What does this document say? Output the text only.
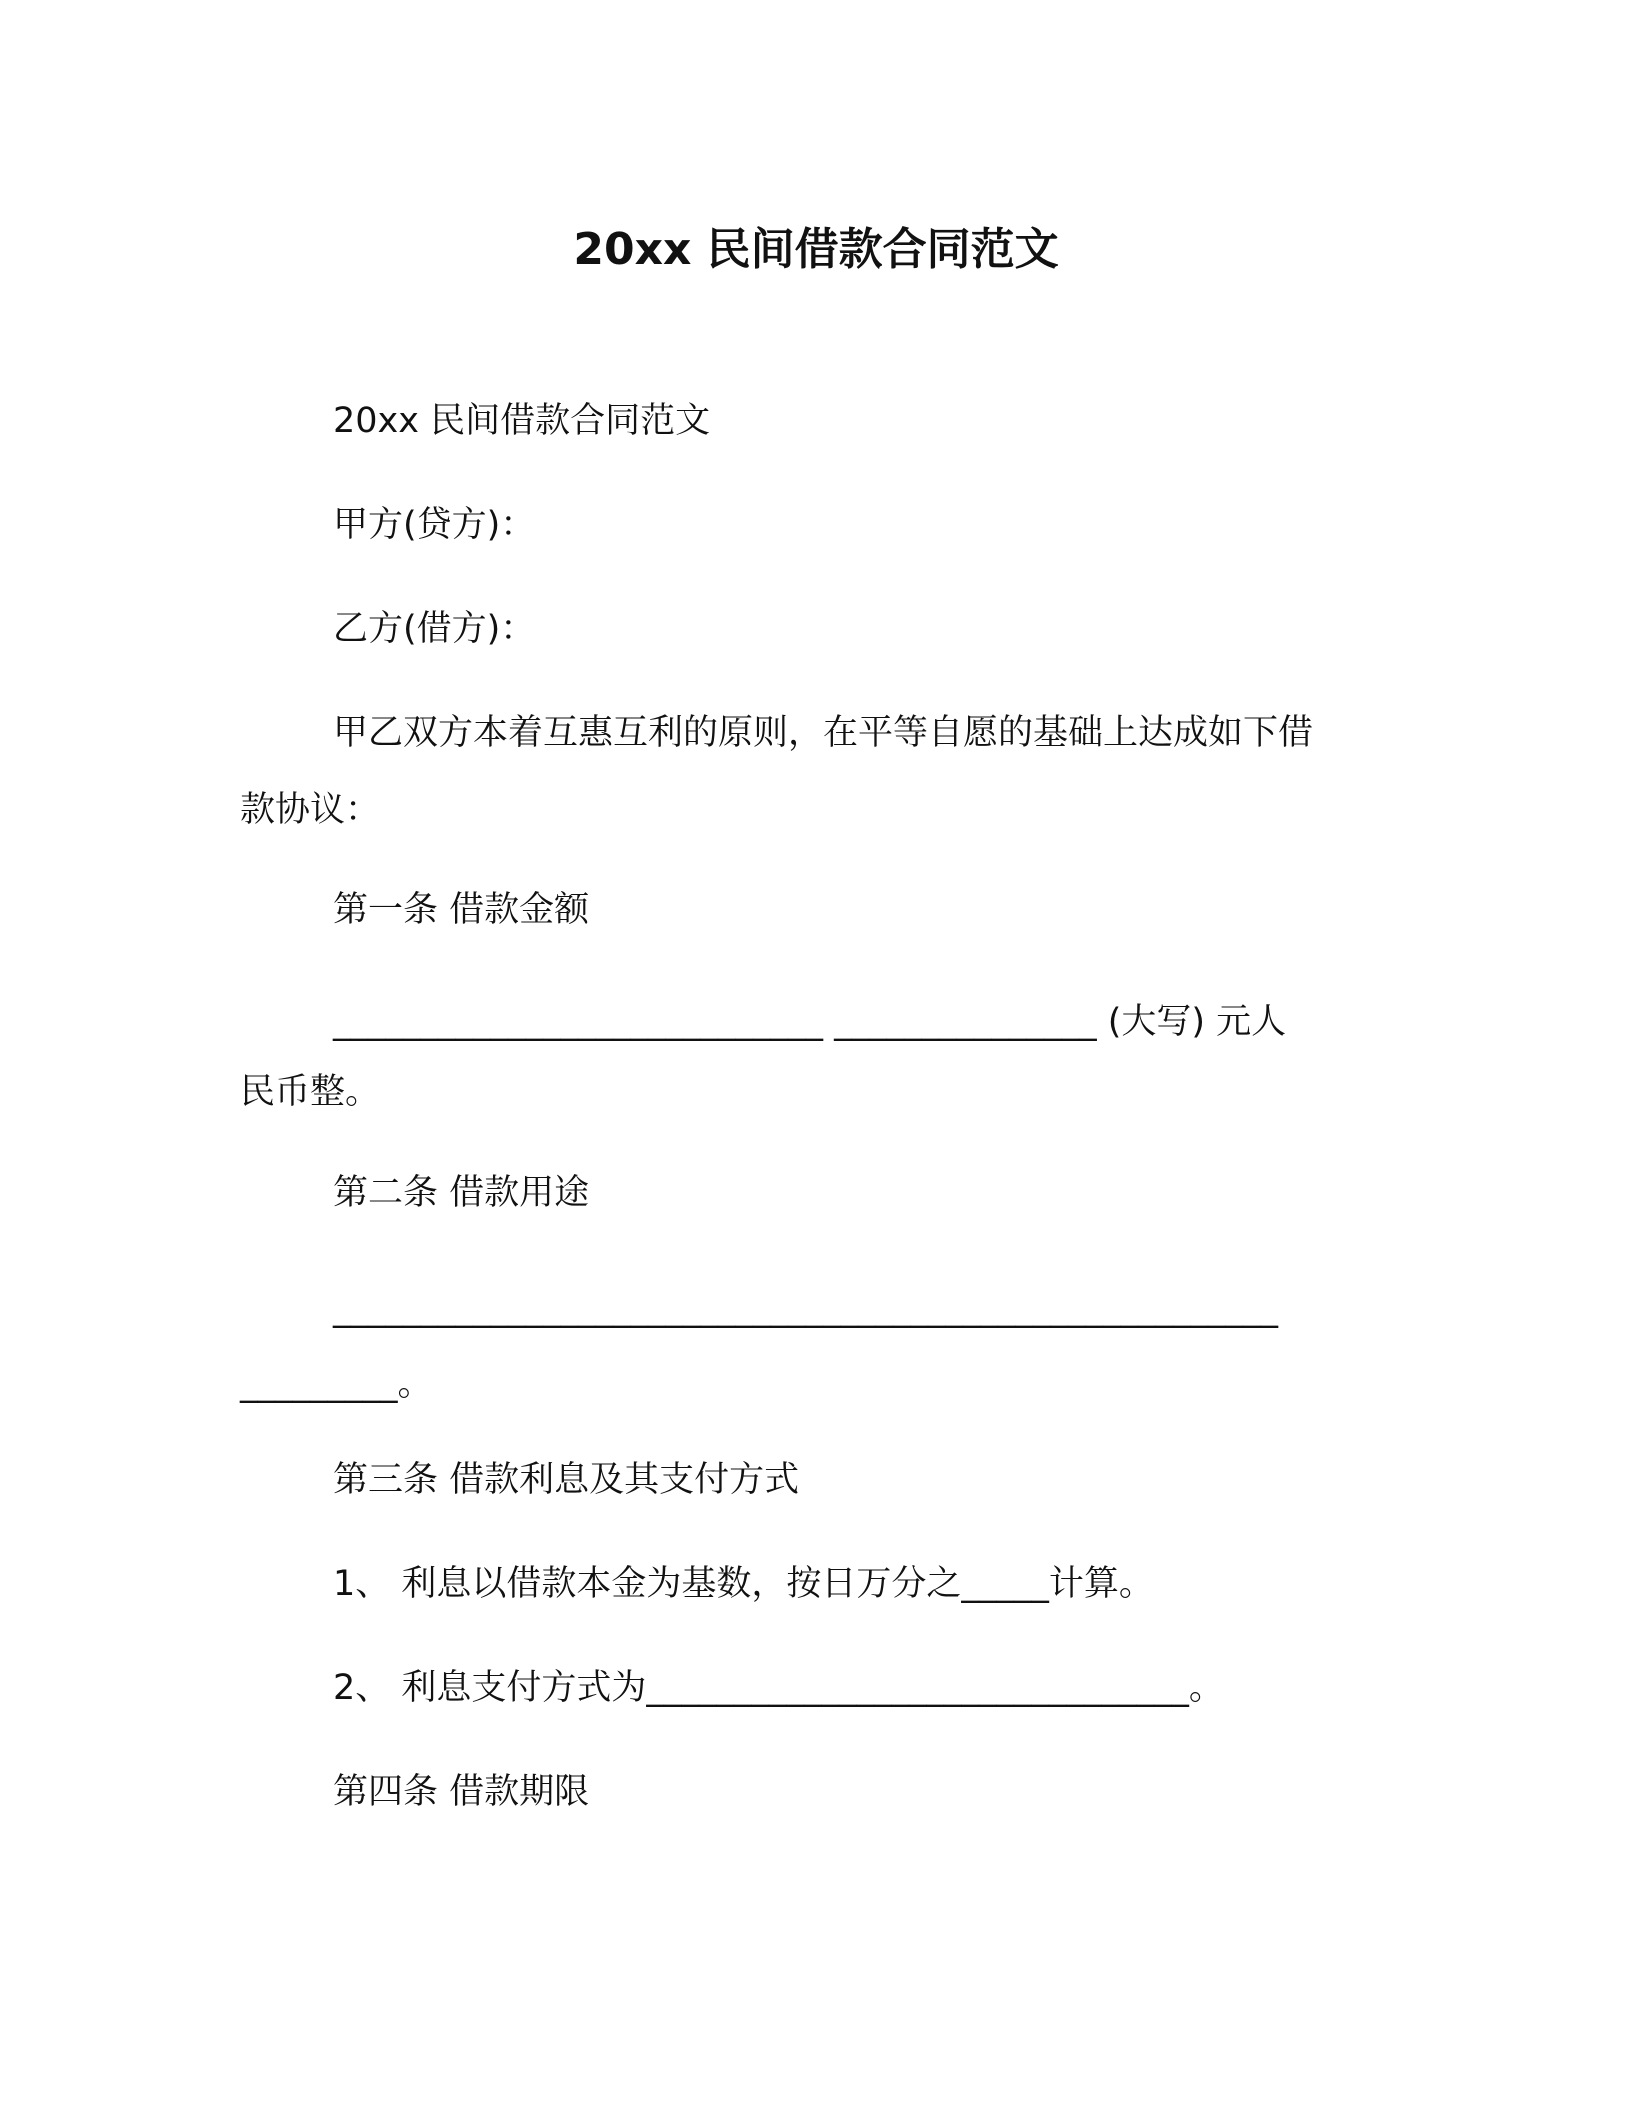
20xx 民间借款合同范文

20xx 民间借款合同范文

甲方(贷方)：

乙方(借方)：

甲乙双方本着互惠互利的原则，在平等自愿的基础上达成如下借

款协议：

第一条 借款金额

____________________________ _______________ (大写) 元人

民币整。

第二条 借款用途

______________________________________________________

_________。

第三条 借款利息及其支付方式

1、 利息以借款本金为基数，按日万分之_____计算。

2、 利息支付方式为_______________________________。

第四条 借款期限
